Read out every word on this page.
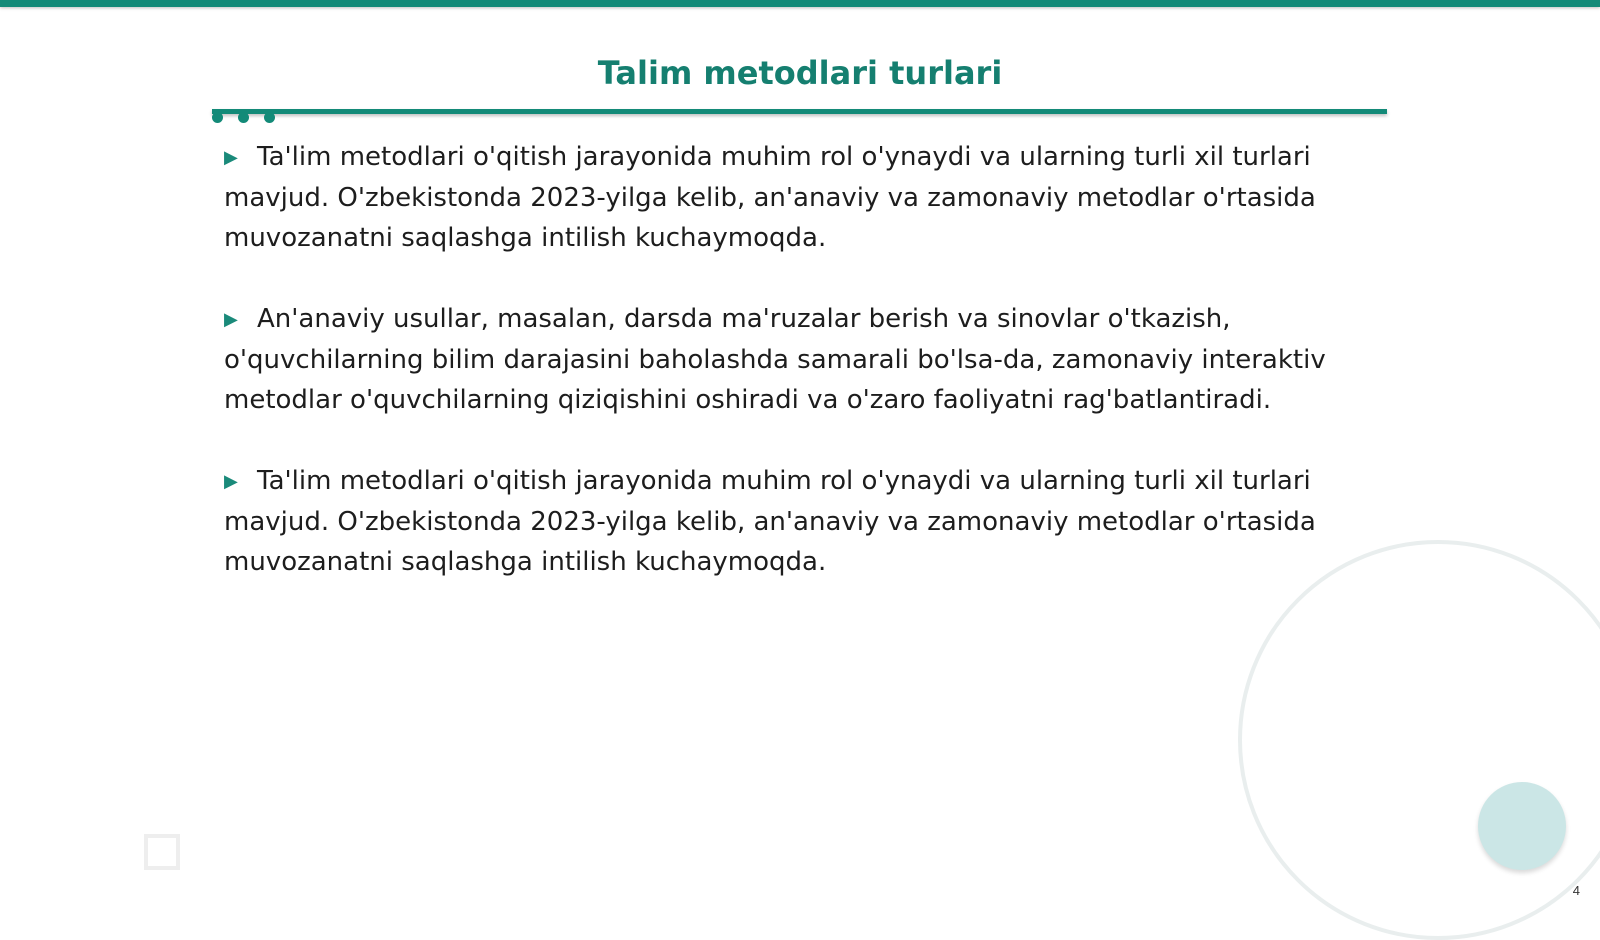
Talim metodlari turlari

▶ Ta'lim metodlari o'qitish jarayonida muhim rol o'ynaydi va ularning turli xil turlari mavjud. O'zbekistonda 2023-yilga kelib, an'anaviy va zamonaviy metodlar o'rtasida muvozanatni saqlashga intilish kuchaymoqda.

▶ An'anaviy usullar, masalan, darsda ma'ruzalar berish va sinovlar o'tkazish, o'quvchilarning bilim darajasini baholashda samarali bo'lsa-da, zamonaviy interaktiv metodlar o'quvchilarning qiziqishini oshiradi va o'zaro faoliyatni rag'batlantiradi.

▶ Ta'lim metodlari o'qitish jarayonida muhim rol o'ynaydi va ularning turli xil turlari mavjud. O'zbekistonda 2023-yilga kelib, an'anaviy va zamonaviy metodlar o'rtasida muvozanatni saqlashga intilish kuchaymoqda.

4
